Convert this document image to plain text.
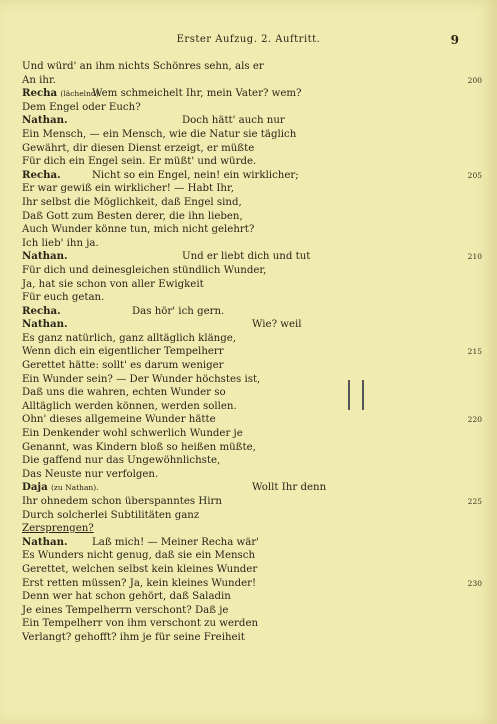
Erster Aufzug. 2. Auftritt.	9
Und würd' an ihm nichts Schönres sehn, als er
An ihr.	200
Recha (lächelnd).
Wem schmeichelt Ihr, mein Vater? wem?
Dem Engel oder Euch?
Nathan.	Doch hätt' auch nur
Ein Mensch, — ein Mensch, wie die Natur sie täglich
Gewährt, dir diesen Dienst erzeigt, er müßte
Für dich ein Engel sein. Er müßt' und würde.
Recha.	Nicht so ein Engel, nein! ein wirklicher;	205
Er war gewiß ein wirklicher! — Habt Ihr,
Ihr selbst die Möglichkeit, daß Engel sind,
Daß Gott zum Besten derer, die ihn lieben,
Auch Wunder könne tun, mich nicht gelehrt?
Ich lieb' ihn ja.
Nathan.	Und er liebt dich und tut	210
Für dich und deinesgleichen stündlich Wunder,
Ja, hat sie schon von aller Ewigkeit
Für euch getan.
Recha.	Das hör' ich gern.
Nathan.	Wie? weil
Es ganz natürlich, ganz alltäglich klänge,
Wenn dich ein eigentlicher Tempelherr	215
Gerettet hätte: sollt' es darum weniger
Ein Wunder sein? — Der Wunder höchstes ist,
Daß uns die wahren, echten Wunder so
Alltäglich werden können, werden sollen.
Ohn' dieses allgemeine Wunder hätte	220
Ein Denkender wohl schwerlich Wunder je
Genannt, was Kindern bloß so heißen müßte,
Die gaffend nur das Ungewöhnlichste,
Das Neuste nur verfolgen.
Daja (zu Nathan).	Wollt Ihr denn
Ihr ohnedem schon überspanntes Hirn	225
Durch solcherlei Subtilitäten ganz
Zersprengen?
Nathan. Laß mich! — Meiner Recha wär'
Es Wunders nicht genug, daß sie ein Mensch
Gerettet, welchen selbst kein kleines Wunder
Erst retten müssen? Ja, kein kleines Wunder!	230
Denn wer hat schon gehört, daß Saladin
Je eines Tempelherrn verschont? Daß je
Ein Tempelherr von ihm verschont zu werden
Verlangt? gehofft? ihm je für seine Freiheit
